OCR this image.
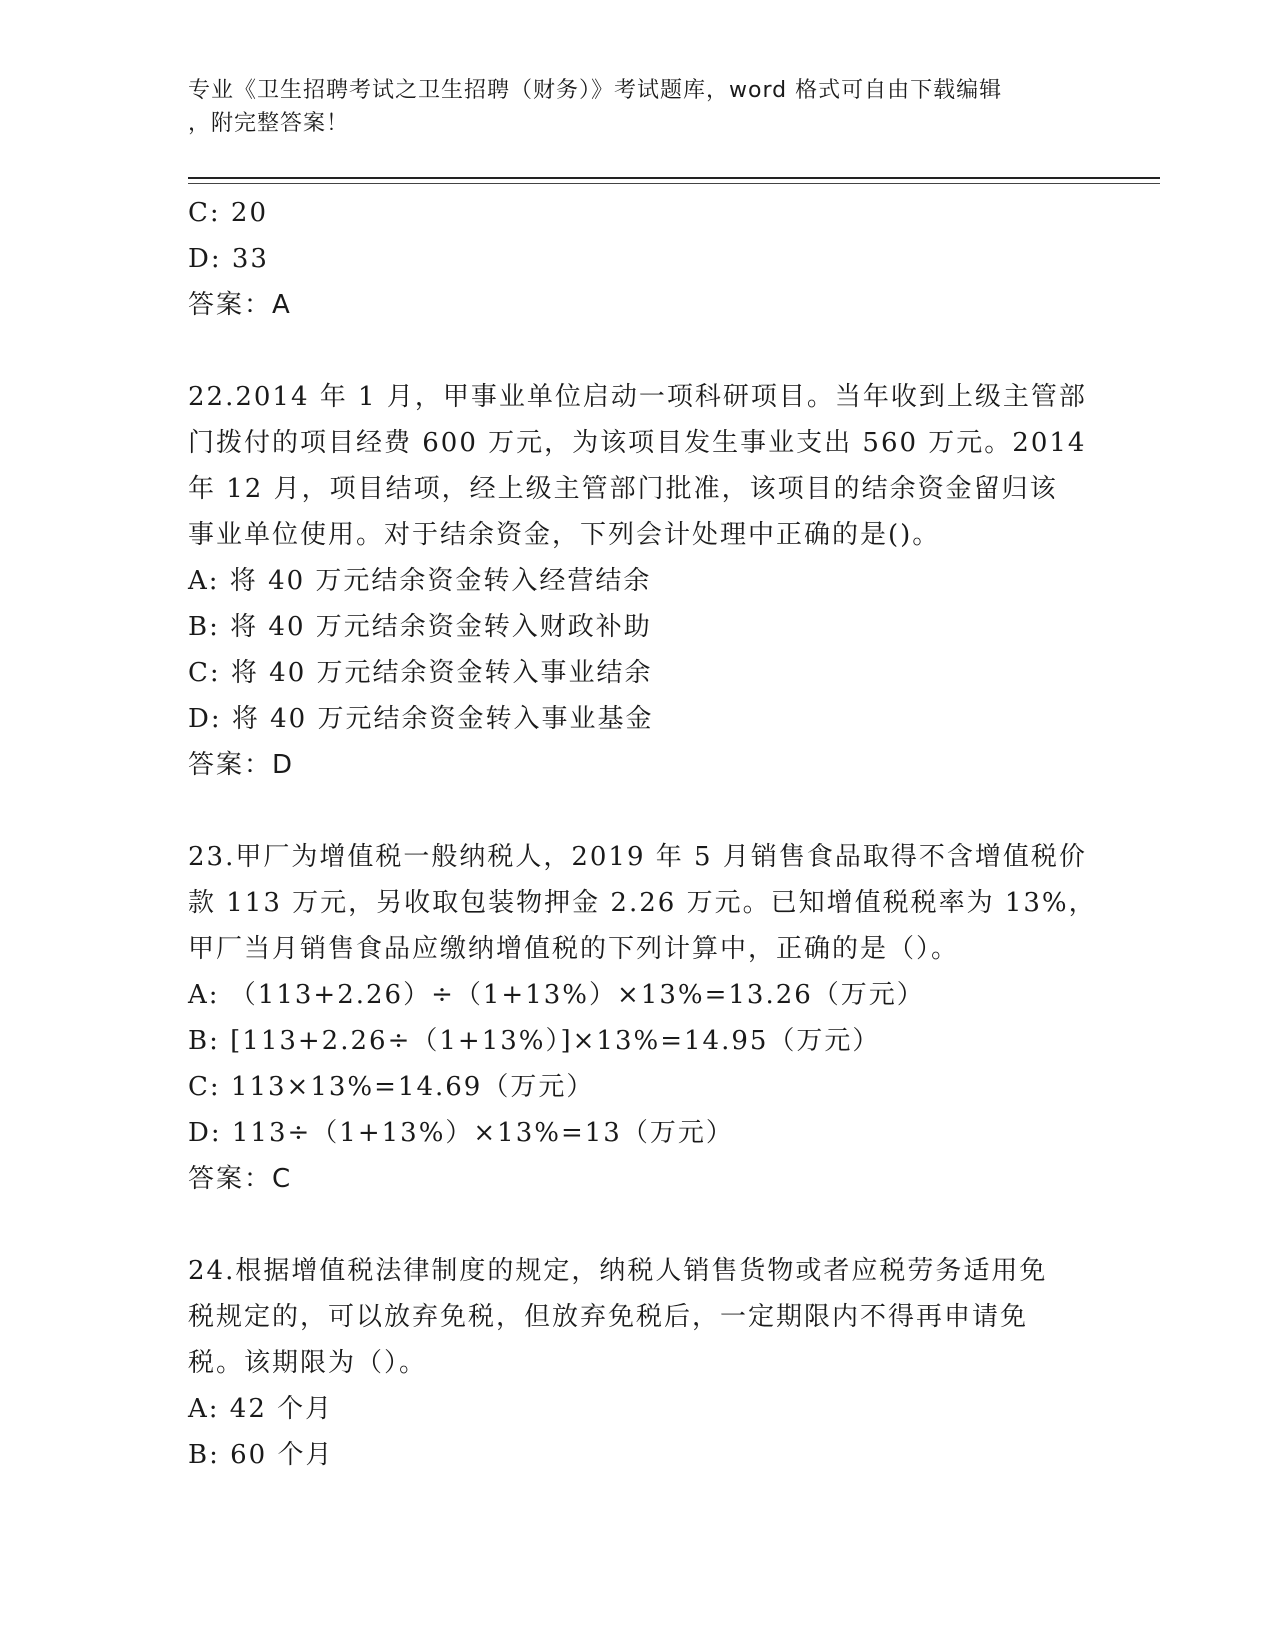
专业《卫生招聘考试之卫生招聘（财务）》考试题库，word 格式可自由下载编辑
，附完整答案！
C: 20
D: 33
答案：A
22.2014 年 1 月，甲事业单位启动一项科研项目。当年收到上级主管部
门拨付的项目经费 600 万元，为该项目发生事业支出 560 万元。2014
年 12 月，项目结项，经上级主管部门批准，该项目的结余资金留归该
事业单位使用。对于结余资金，下列会计处理中正确的是()。
A: 将 40 万元结余资金转入经营结余
B: 将 40 万元结余资金转入财政补助
C: 将 40 万元结余资金转入事业结余
D: 将 40 万元结余资金转入事业基金
答案：D
23.甲厂为增值税一般纳税人，2019 年 5 月销售食品取得不含增值税价
款 113 万元，另收取包装物押金 2.26 万元。已知增值税税率为 13%，
甲厂当月销售食品应缴纳增值税的下列计算中，正确的是（）。
A: （113+2.26）÷（1+13%）×13%=13.26（万元）
B: [113+2.26÷（1+13%）]×13%=14.95（万元）
C: 113×13%=14.69（万元）
D: 113÷（1+13%）×13%=13（万元）
答案：C
24.根据增值税法律制度的规定，纳税人销售货物或者应税劳务适用免
税规定的，可以放弃免税，但放弃免税后，一定期限内不得再申请免
税。该期限为（）。
A: 42 个月
B: 60 个月
